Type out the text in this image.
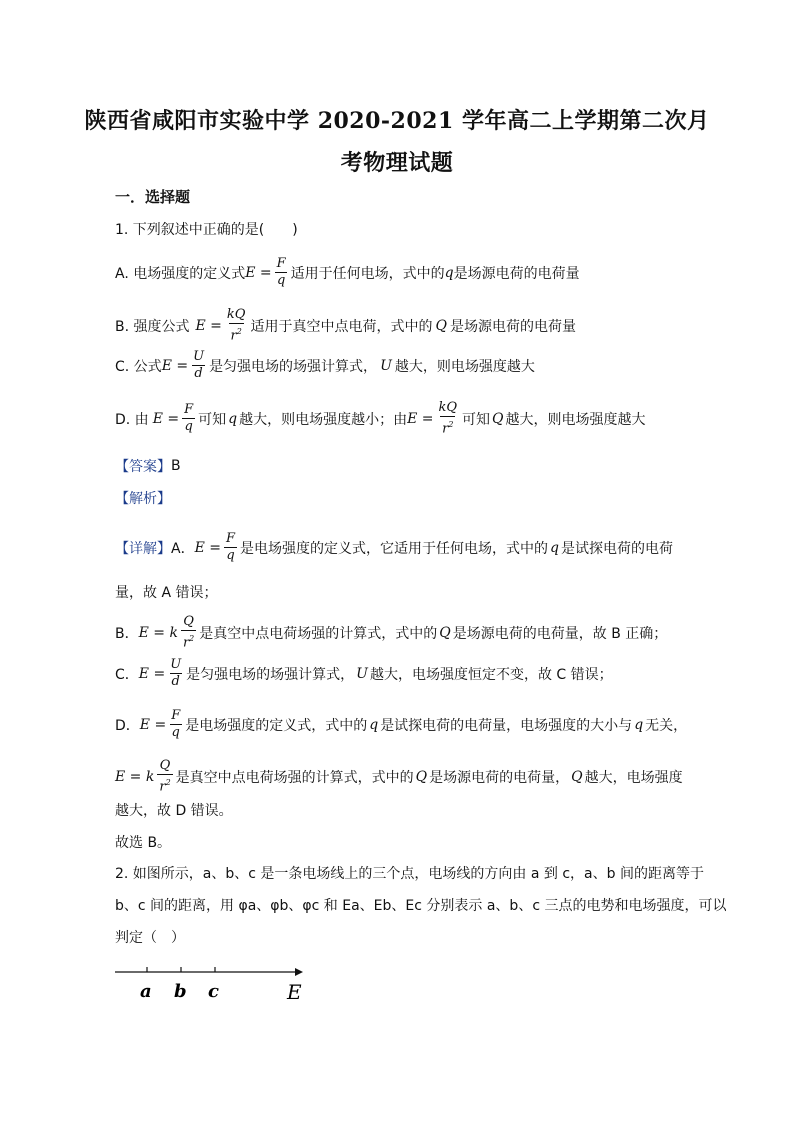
陕西省咸阳市实验中学 2020-2021 学年高二上学期第二次月
考物理试题
一．选择题
1. 下列叙述中正确的是(　　)
A. 电场强度的定义式 $E = \frac{F}{q}$ 适用于任何电场，式中的 q 是场源电荷的电荷量
B. 强度公式 $E = \frac{kQ}{r^2}$ 适用于真空中点电荷，式中的 Q 是场源电荷的电荷量
C. 公式 $E = \frac{U}{d}$ 是匀强电场的场强计算式， U 越大，则电场强度越大
D. 由 $E = \frac{F}{q}$ 可知 q 越大，则电场强度越小；由 $E = \frac{kQ}{r^2}$ 可知 Q 越大，则电场强度越大
【答案】 B
【解析】
【详解】 A． $E = \frac{F}{q}$ 是电场强度的定义式，它适用于任何电场，式中的 q 是试探电荷的电荷
量，故 A 错误；
B． E = k $\frac{Q}{r^2}$ 是真空中点电荷场强的计算式，式中的 Q 是场源电荷的电荷量，故 B 正确；
C． $E = \frac{U}{d}$ 是匀强电场的场强计算式， U 越大，电场强度恒定不变，故 C 错误；
D． $E = \frac{F}{q}$ 是电场强度的定义式，式中的 q 是试探电荷的电荷量，电场强度的大小与 q 无关，
E = k $\frac{Q}{r^2}$ 是真空中点电荷场强的计算式，式中的 Q 是场源电荷的电荷量， Q 越大，电场强度
越大，故 D 错误。
故选 B。
2. 如图所示，a、b、c 是一条电场线上的三个点，电场线的方向由 a 到 c，a、b 间的距离等于
b、c 间的距离，用 φa、φb、φc 和 Ea、Eb、Ec 分别表示 a、b、c 三点的电势和电场强度，可以
判定（　）
a b c	E
